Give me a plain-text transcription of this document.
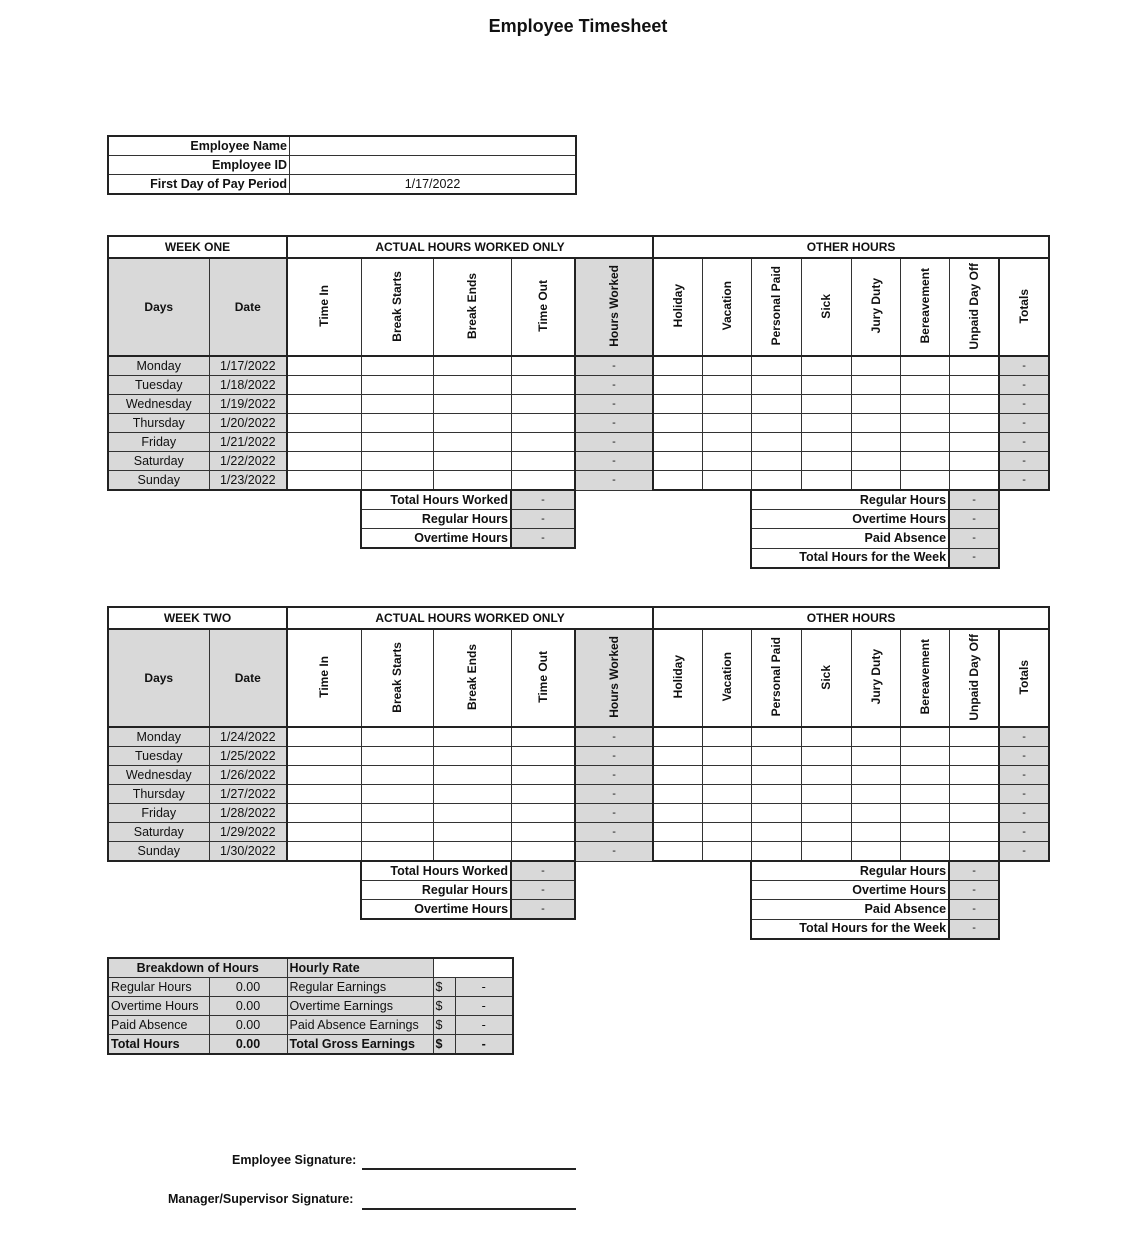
Employee Timesheet
Employee Name	
Employee ID	
First Day of Pay Period	1/17/2022
WEEK ONE		ACTUAL HOURS WORKED ONLY					OTHER HOURS							
Days	Date	Time In	Break Starts	Break Ends	Time Out	Hours Worked	Holiday	Vacation	Personal Paid	Sick	Jury Duty	Bereavement	Unpaid Day Off	Totals
Monday	1/17/2022					-								-
Tuesday	1/18/2022					-								-
Wednesday	1/19/2022					-								-
Thursday	1/20/2022					-								-
Friday	1/21/2022					-								-
Saturday	1/22/2022					-								-
Sunday	1/23/2022					-								-
			Total Hours Worked		-				Regular Hours				-	
			Regular Hours		-				Overtime Hours				-	
			Overtime Hours		-				Paid Absence				-	
									Total Hours for the Week				-	
WEEK TWO		ACTUAL HOURS WORKED ONLY					OTHER HOURS							
Days	Date	Time In	Break Starts	Break Ends	Time Out	Hours Worked	Holiday	Vacation	Personal Paid	Sick	Jury Duty	Bereavement	Unpaid Day Off	Totals
Monday	1/24/2022					-								-
Tuesday	1/25/2022					-								-
Wednesday	1/26/2022					-								-
Thursday	1/27/2022					-								-
Friday	1/28/2022					-								-
Saturday	1/29/2022					-								-
Sunday	1/30/2022					-								-
			Total Hours Worked		-				Regular Hours				-	
			Regular Hours		-				Overtime Hours				-	
			Overtime Hours		-				Paid Absence				-	
									Total Hours for the Week				-	
Breakdown of Hours		Hourly Rate		
Regular Hours	0.00	Regular Earnings	$	-
Overtime Hours	0.00	Overtime Earnings	$	-
Paid Absence	0.00	Paid Absence Earnings	$	-
Total Hours	0.00	Total Gross Earnings	$	-
Employee Signature:
Manager/Supervisor Signature:
